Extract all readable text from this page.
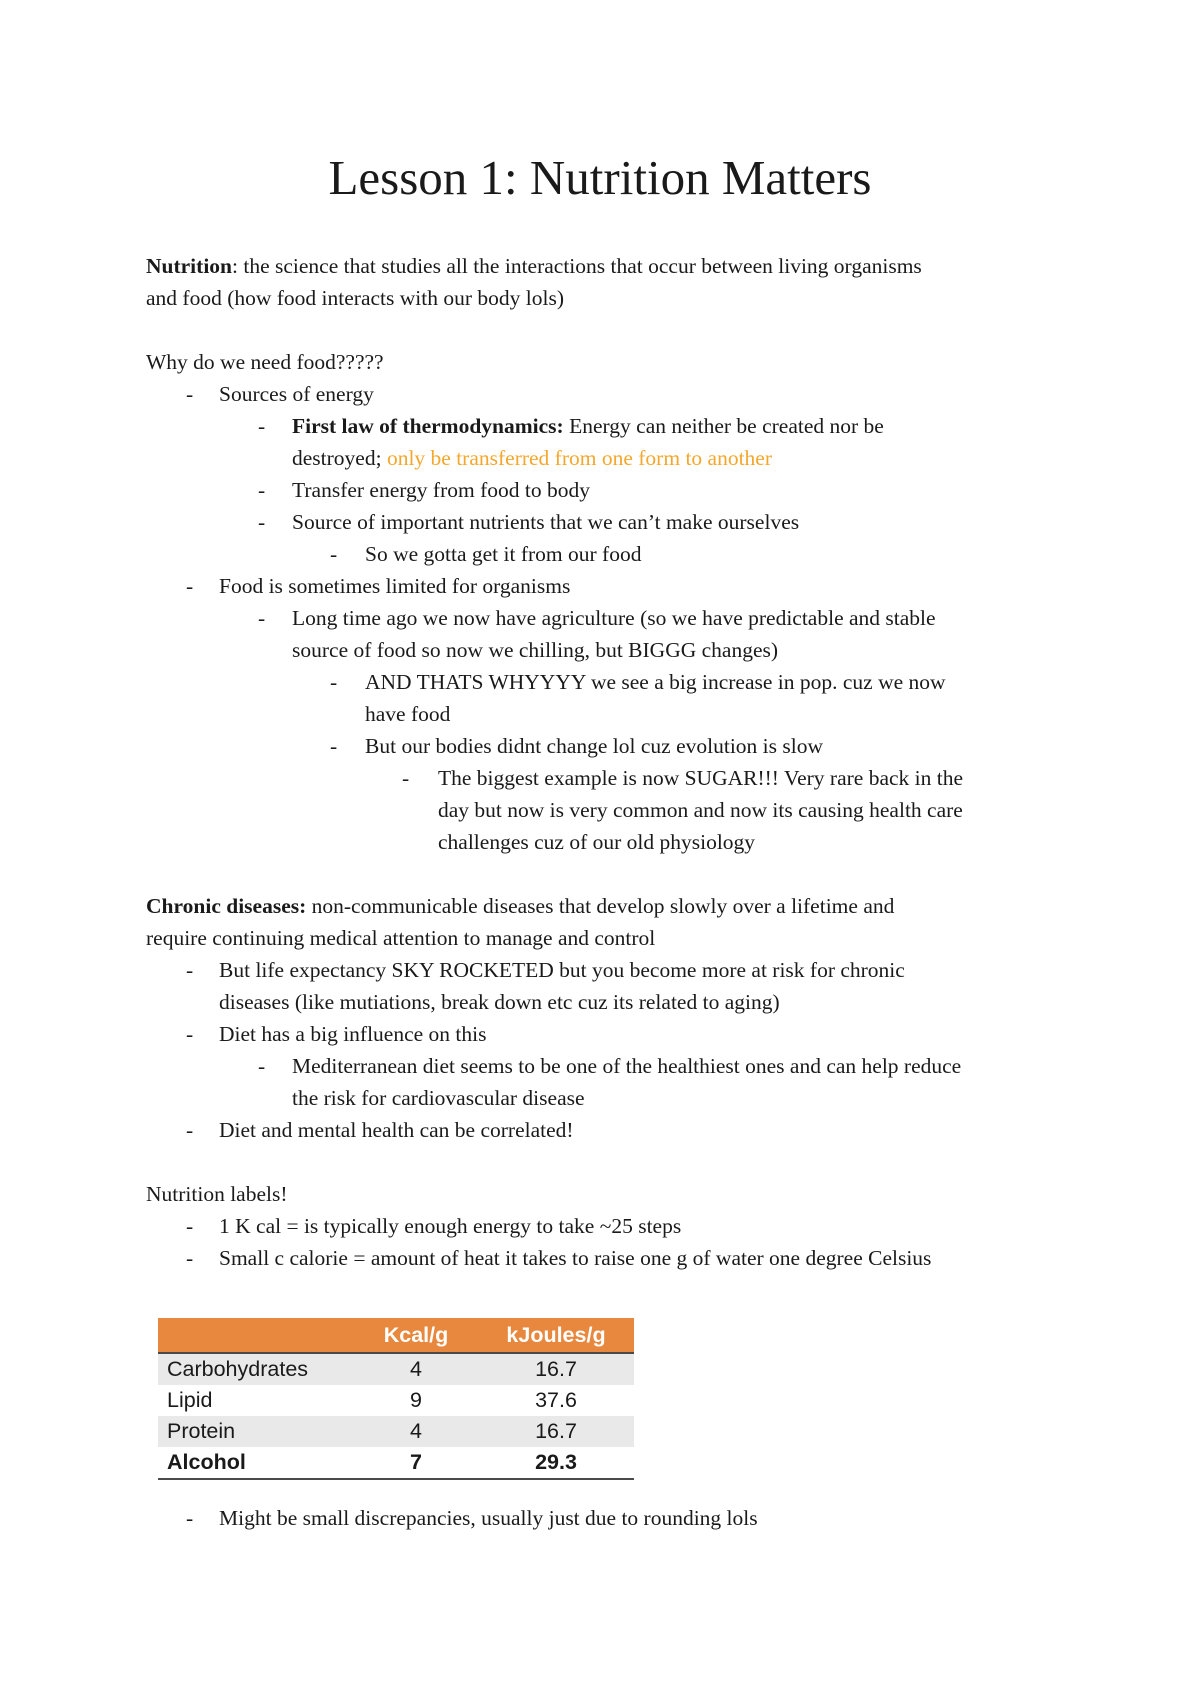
Lesson 1: Nutrition Matters
Nutrition: the science that studies all the interactions that occur between living organisms
and food (how food interacts with our body lols)
Why do we need food?????
- Sources of energy
- First law of thermodynamics: Energy can neither be created nor be
destroyed; only be transferred from one form to another
- Transfer energy from food to body
- Source of important nutrients that we can’t make ourselves
- So we gotta get it from our food
- Food is sometimes limited for organisms
- Long time ago we now have agriculture (so we have predictable and stable
source of food so now we chilling, but BIGGG changes)
- AND THATS WHYYYY we see a big increase in pop. cuz we now
have food
- But our bodies didnt change lol cuz evolution is slow
- The biggest example is now SUGAR!!! Very rare back in the
day but now is very common and now its causing health care
challenges cuz of our old physiology
Chronic diseases: non-communicable diseases that develop slowly over a lifetime and
require continuing medical attention to manage and control
- But life expectancy SKY ROCKETED but you become more at risk for chronic
diseases (like mutiations, break down etc cuz its related to aging)
- Diet has a big influence on this
- Mediterranean diet seems to be one of the healthiest ones and can help reduce
the risk for cardiovascular disease
- Diet and mental health can be correlated!
Nutrition labels!
- 1 K cal = is typically enough energy to take ~25 steps
- Small c calorie = amount of heat it takes to raise one g of water one degree Celsius
	Kcal/g	kJoules/g
Carbohydrates	4	16.7
Lipid	9	37.6
Protein	4	16.7
Alcohol	7	29.3
- Might be small discrepancies, usually just due to rounding lols
